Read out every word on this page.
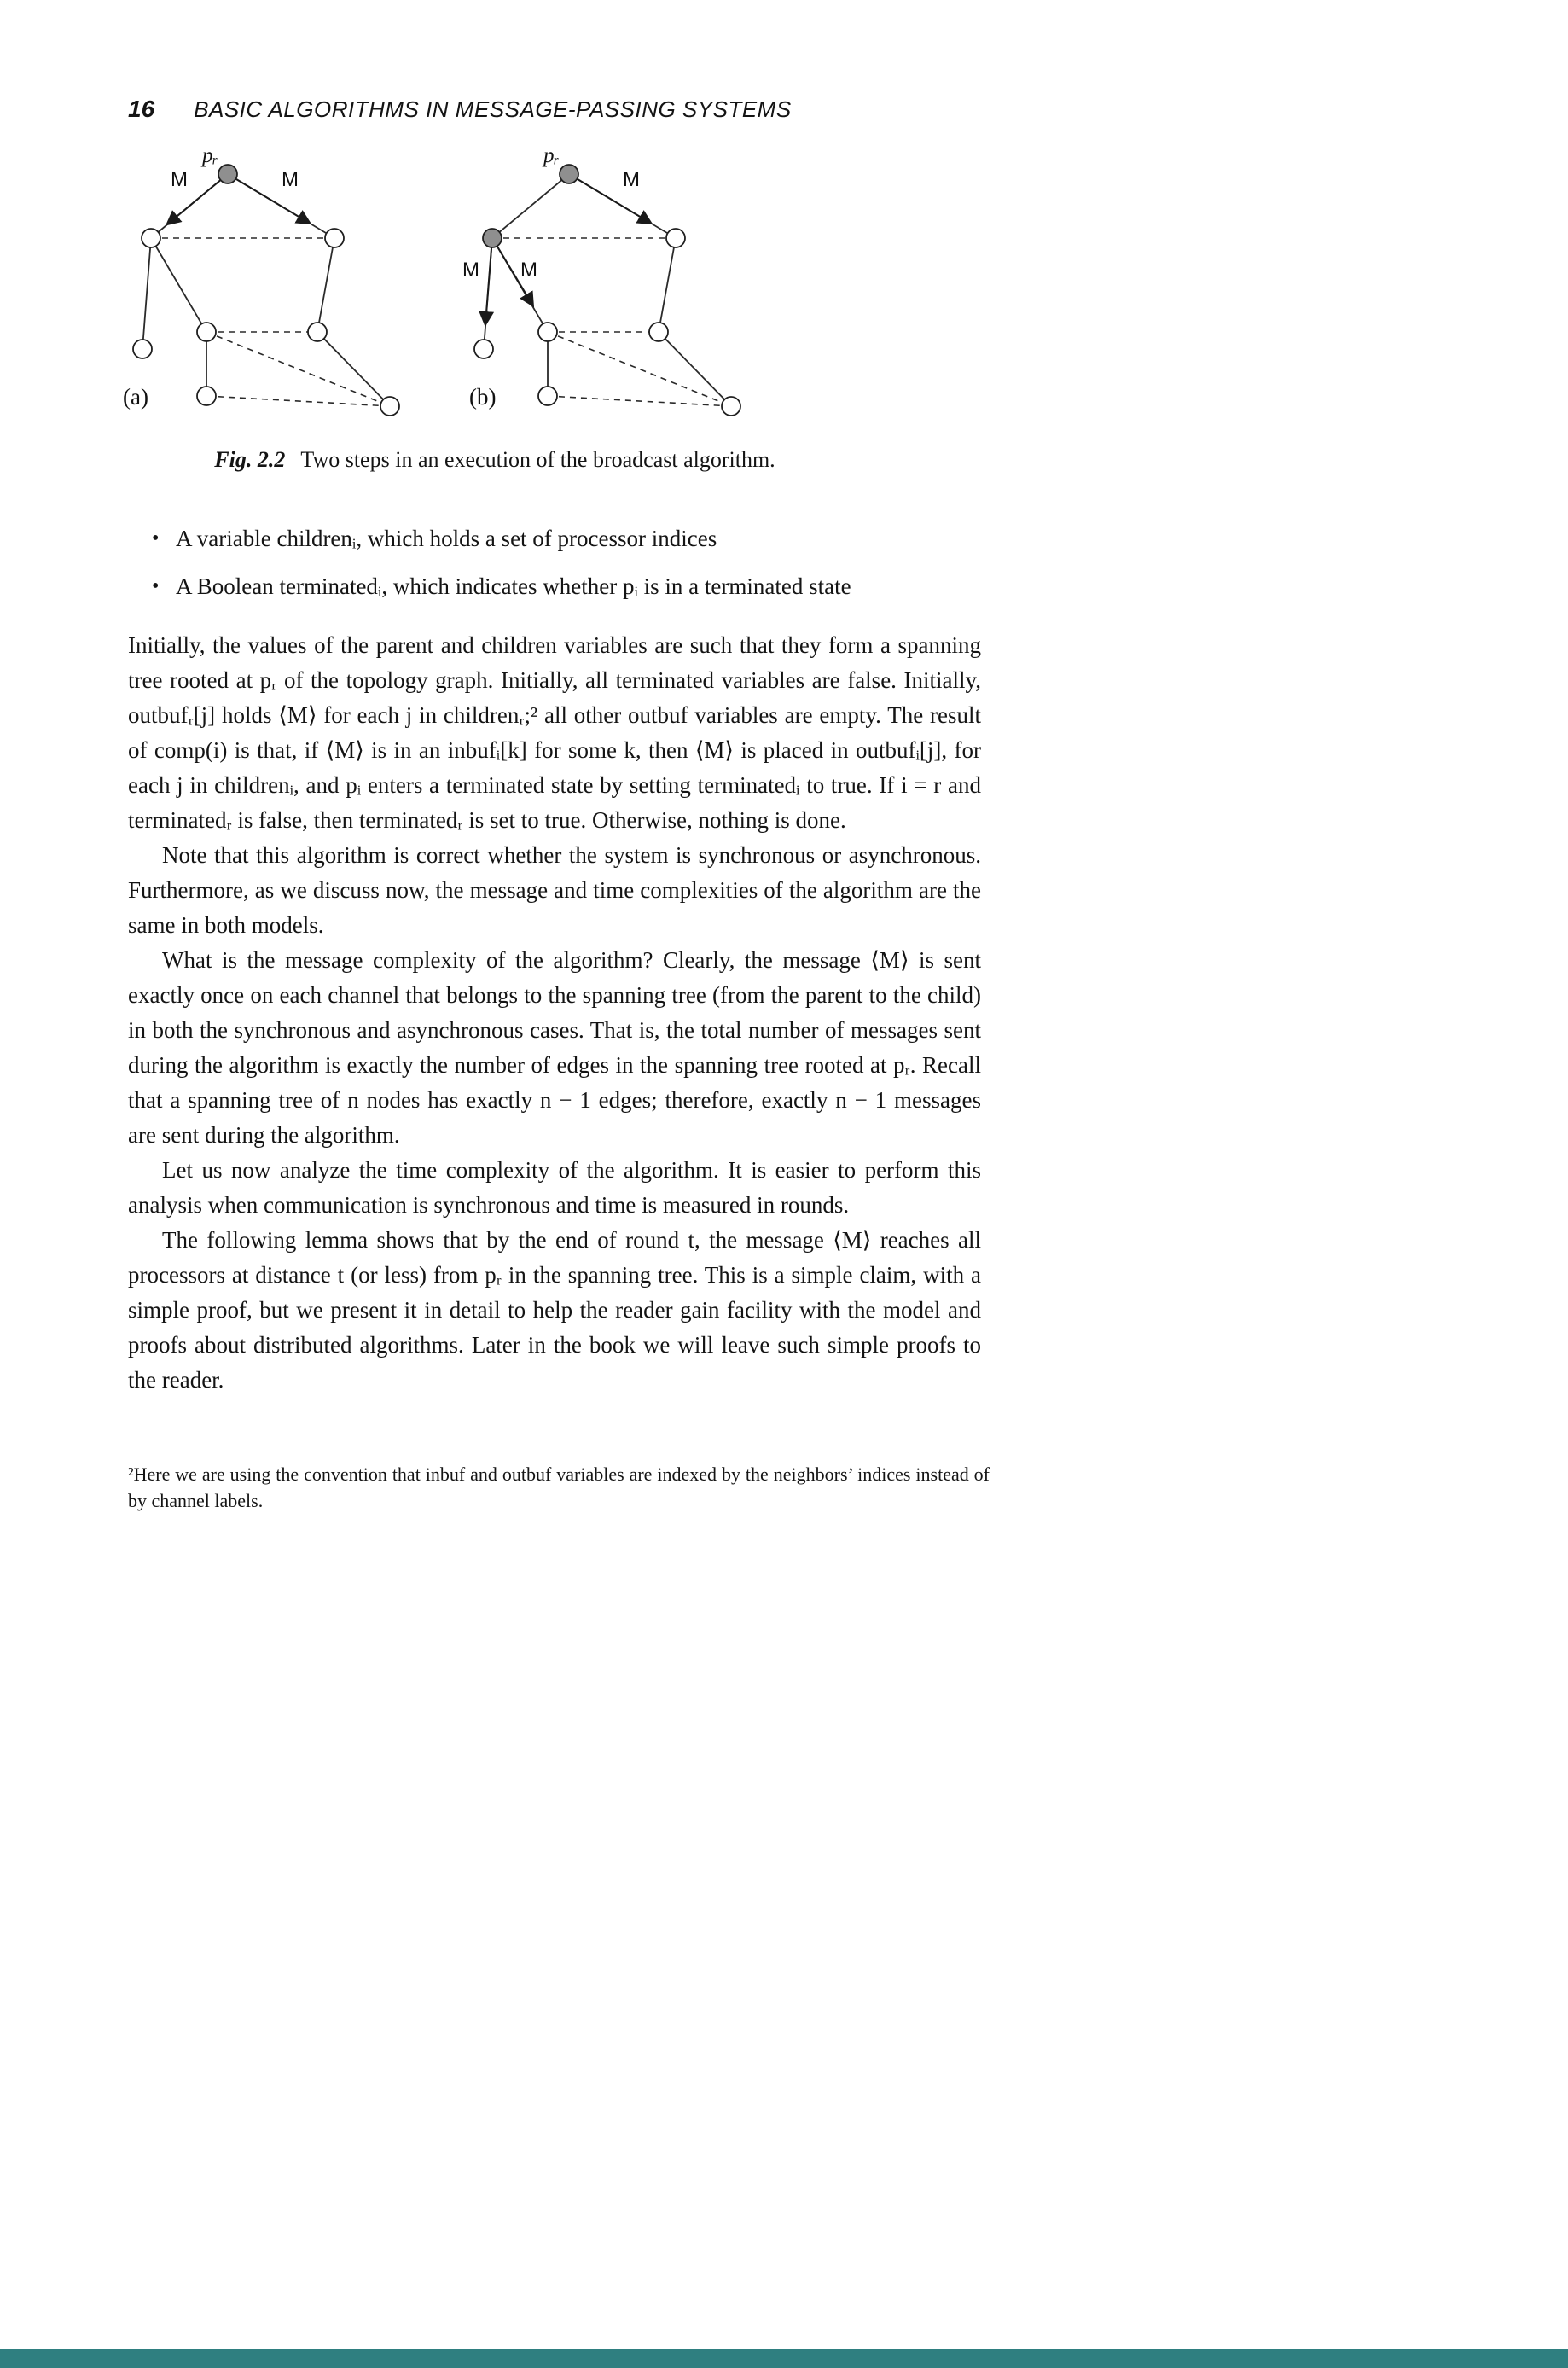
16 BASIC ALGORITHMS IN MESSAGE-PASSING SYSTEMS
pᵣ
M	M
(a)
pᵣ
M
M M
(b)
Fig. 2.2 Two steps in an execution of the broadcast algorithm.
• A variable childrenᵢ, which holds a set of processor indices
• A Boolean terminatedᵢ, which indicates whether pᵢ is in a terminated state

Initially, the values of the parent and children variables are such that they form a spanning tree rooted at pᵣ of the topology graph. Initially, all terminated variables are false. Initially, outbufᵣ[j] holds ⟨M⟩ for each j in childrenᵣ;² all other outbuf variables are empty. The result of comp(i) is that, if ⟨M⟩ is in an inbufᵢ[k] for some k, then ⟨M⟩ is placed in outbufᵢ[j], for each j in childrenᵢ, and pᵢ enters a terminated state by setting terminatedᵢ to true. If i = r and terminatedᵣ is false, then terminatedᵣ is set to true. Otherwise, nothing is done.

Note that this algorithm is correct whether the system is synchronous or asynchronous. Furthermore, as we discuss now, the message and time complexities of the algorithm are the same in both models.

What is the message complexity of the algorithm? Clearly, the message ⟨M⟩ is sent exactly once on each channel that belongs to the spanning tree (from the parent to the child) in both the synchronous and asynchronous cases. That is, the total number of messages sent during the algorithm is exactly the number of edges in the spanning tree rooted at pᵣ. Recall that a spanning tree of n nodes has exactly n − 1 edges; therefore, exactly n − 1 messages are sent during the algorithm.

Let us now analyze the time complexity of the algorithm. It is easier to perform this analysis when communication is synchronous and time is measured in rounds.

The following lemma shows that by the end of round t, the message ⟨M⟩ reaches all processors at distance t (or less) from pᵣ in the spanning tree. This is a simple claim, with a simple proof, but we present it in detail to help the reader gain facility with the model and proofs about distributed algorithms. Later in the book we will leave such simple proofs to the reader.

²Here we are using the convention that inbuf and outbuf variables are indexed by the neighbors’ indices instead of by channel labels.
